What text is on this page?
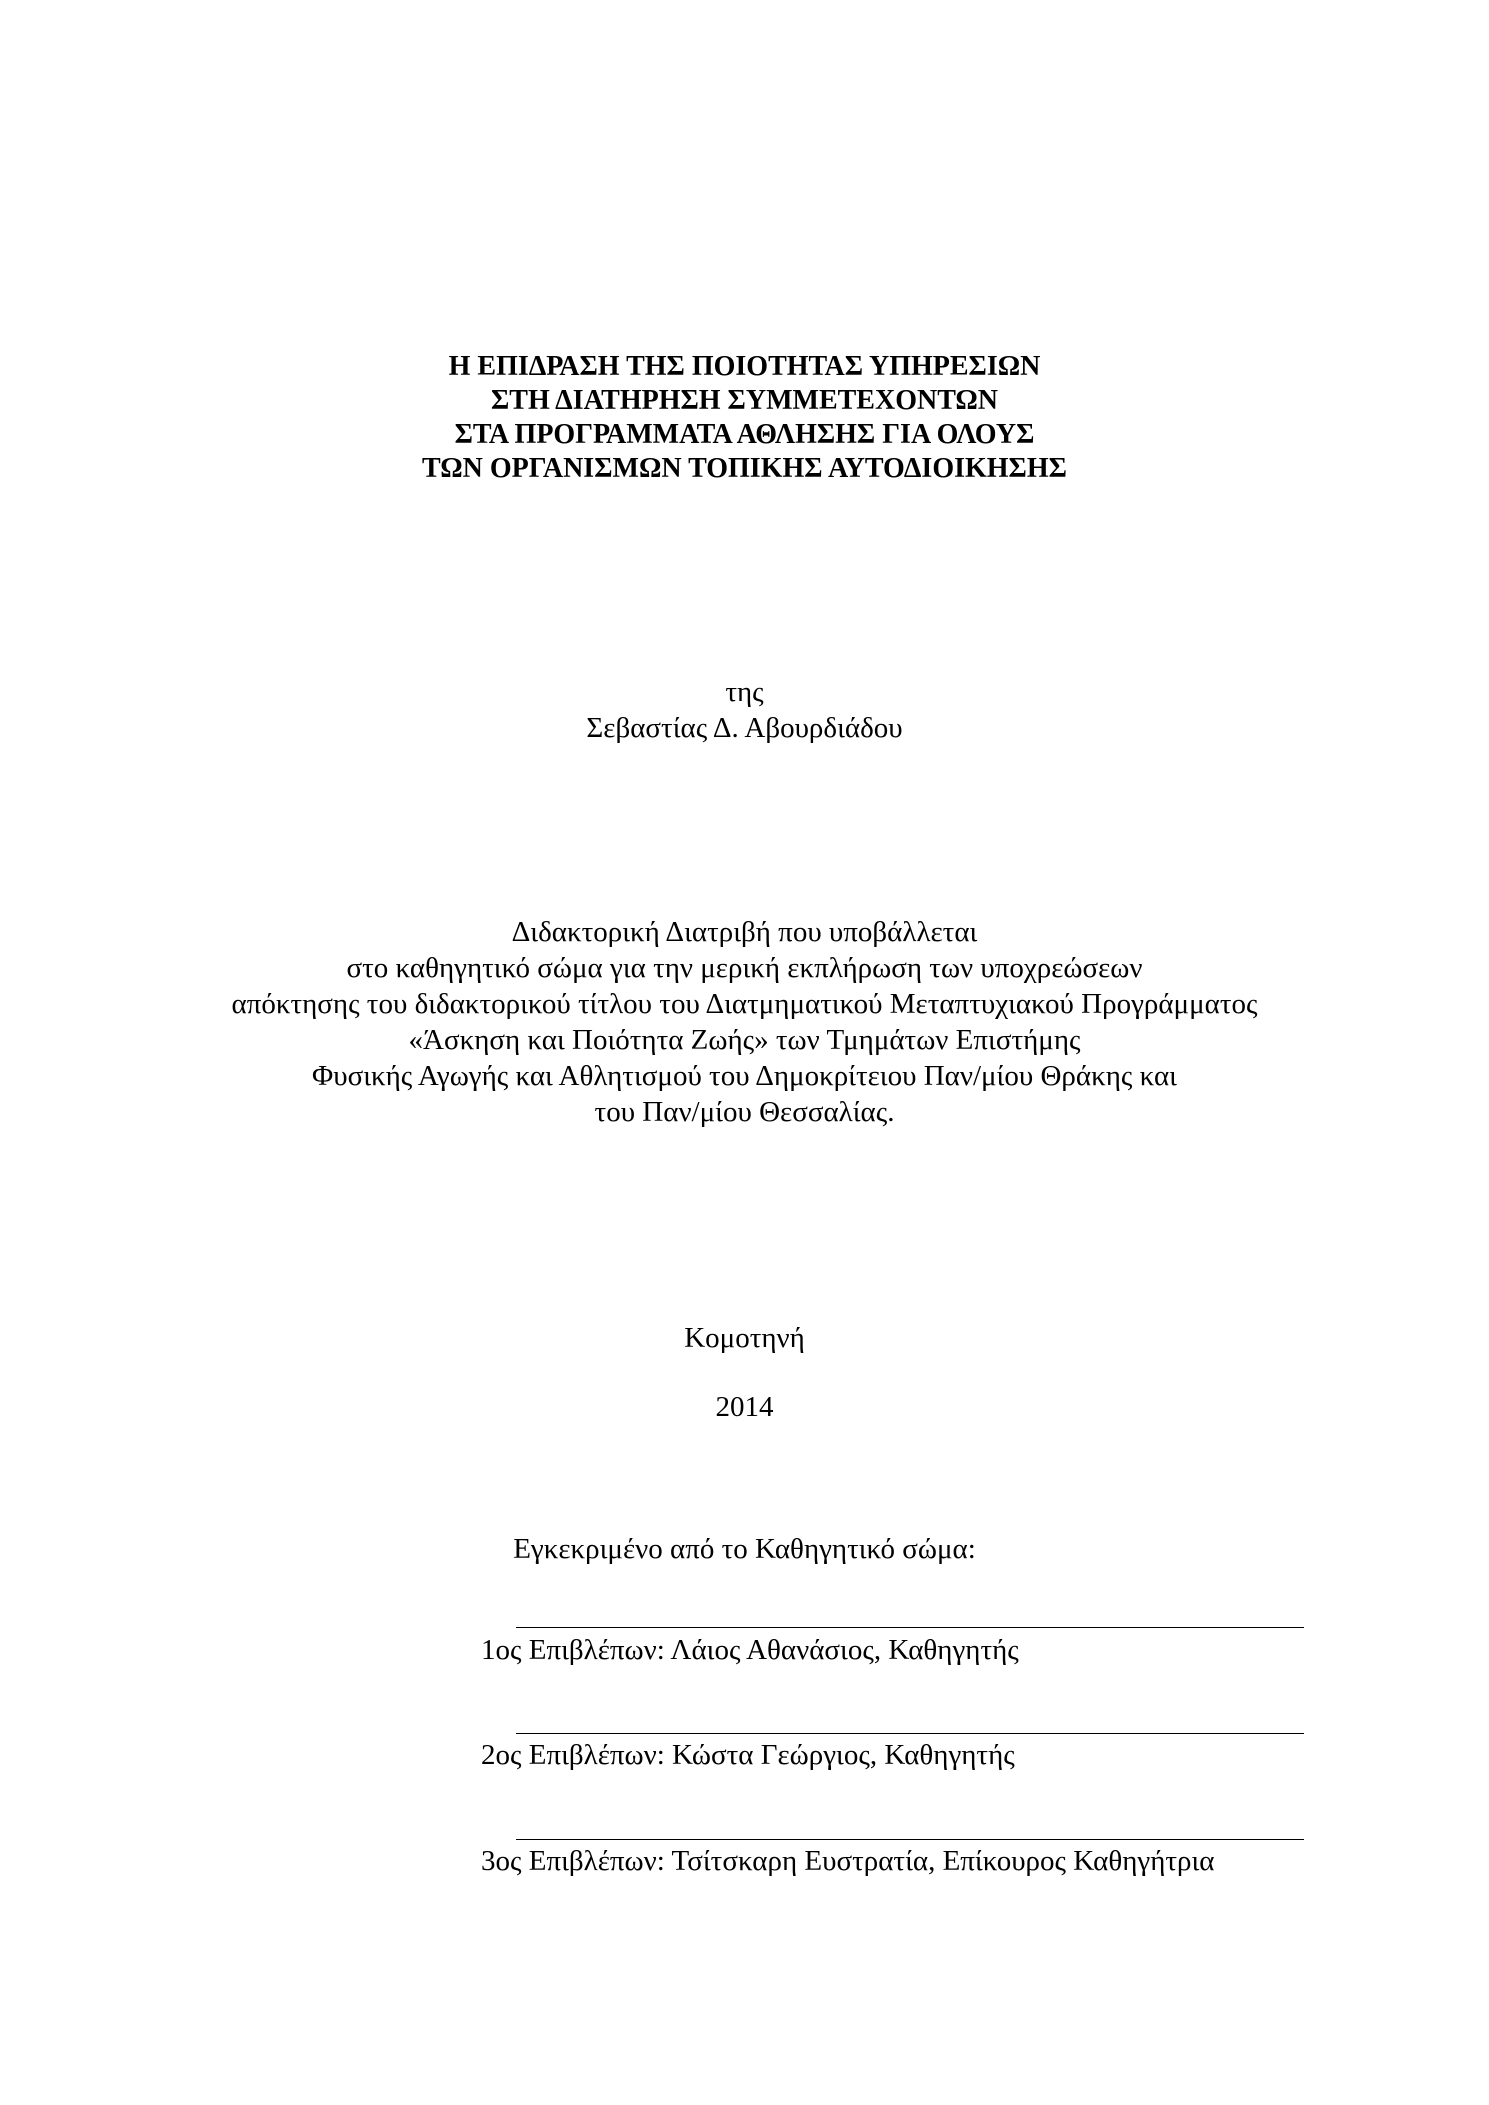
Η ΕΠΙΔΡΑΣΗ ΤΗΣ ΠΟΙΟΤΗΤΑΣ ΥΠΗΡΕΣΙΩΝ
ΣΤΗ ΔΙΑΤΗΡΗΣΗ ΣΥΜΜΕΤΕΧΟΝΤΩΝ
ΣΤΑ ΠΡΟΓΡΑΜΜΑΤΑ ΑΘΛΗΣΗΣ ΓΙΑ ΟΛΟΥΣ
ΤΩΝ ΟΡΓΑΝΙΣΜΩΝ ΤΟΠΙΚΗΣ ΑΥΤΟΔΙΟΙΚΗΣΗΣ
της
Σεβαστίας Δ. Αβουρδιάδου
Διδακτορική Διατριβή που υποβάλλεται
στο καθηγητικό σώμα για την μερική εκπλήρωση των υποχρεώσεων
απόκτησης του διδακτορικού τίτλου του Διατμηματικού Μεταπτυχιακού Προγράμματος
«Άσκηση και Ποιότητα Ζωής» των Τμημάτων Επιστήμης
Φυσικής Αγωγής και Αθλητισμού του Δημοκρίτειου Παν/μίου Θράκης και
του Παν/μίου Θεσσαλίας.
Κομοτηνή
2014
Εγκεκριμένο από το Καθηγητικό σώμα:
1ος Επιβλέπων: Λάιος Αθανάσιος, Καθηγητής
2ος Επιβλέπων: Κώστα Γεώργιος, Καθηγητής
3ος Επιβλέπων: Τσίτσκαρη Ευστρατία, Επίκουρος Καθηγήτρια
